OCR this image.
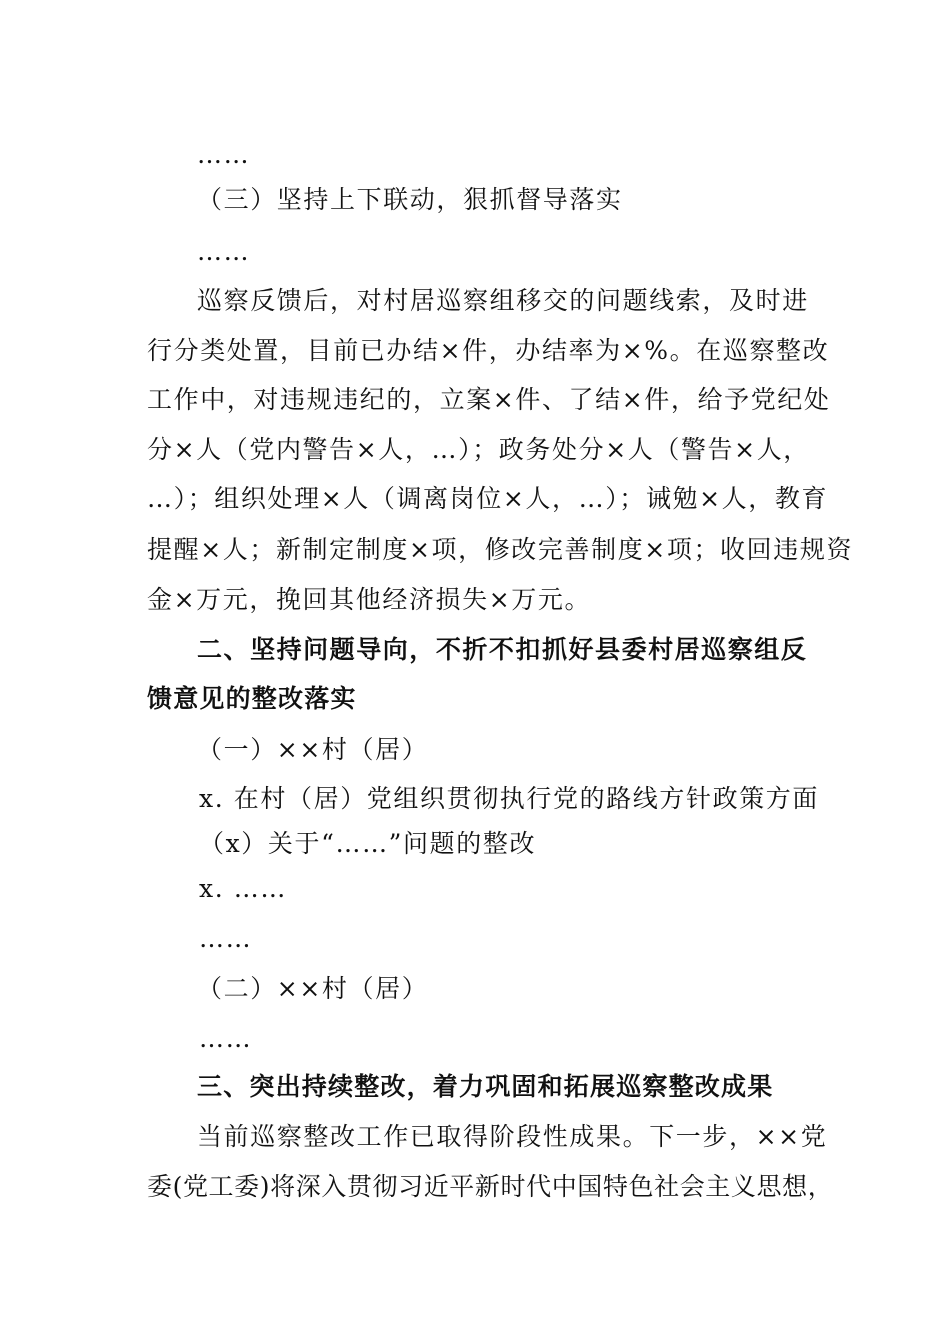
……
（三）坚持上下联动，狠抓督导落实
……
巡察反馈后，对村居巡察组移交的问题线索，及时进
行分类处置，目前已办结×件，办结率为×%。在巡察整改
工作中，对违规违纪的，立案×件、了结×件，给予党纪处
分×人（党内警告×人，…）；政务处分×人（警告×人，
…）；组织处理×人（调离岗位×人，…）；诫勉×人，教育
提醒×人；新制定制度×项，修改完善制度×项；收回违规资
金×万元，挽回其他经济损失×万元。
二、坚持问题导向，不折不扣抓好县委村居巡察组反
馈意见的整改落实
（一）××村（居）
x. 在村（居）党组织贯彻执行党的路线方针政策方面
（x）关于“……”问题的整改
x. ……
……
（二）××村（居）
……
三、突出持续整改，着力巩固和拓展巡察整改成果
当前巡察整改工作已取得阶段性成果。下一步，××党
委(党工委)将深入贯彻习近平新时代中国特色社会主义思想，
